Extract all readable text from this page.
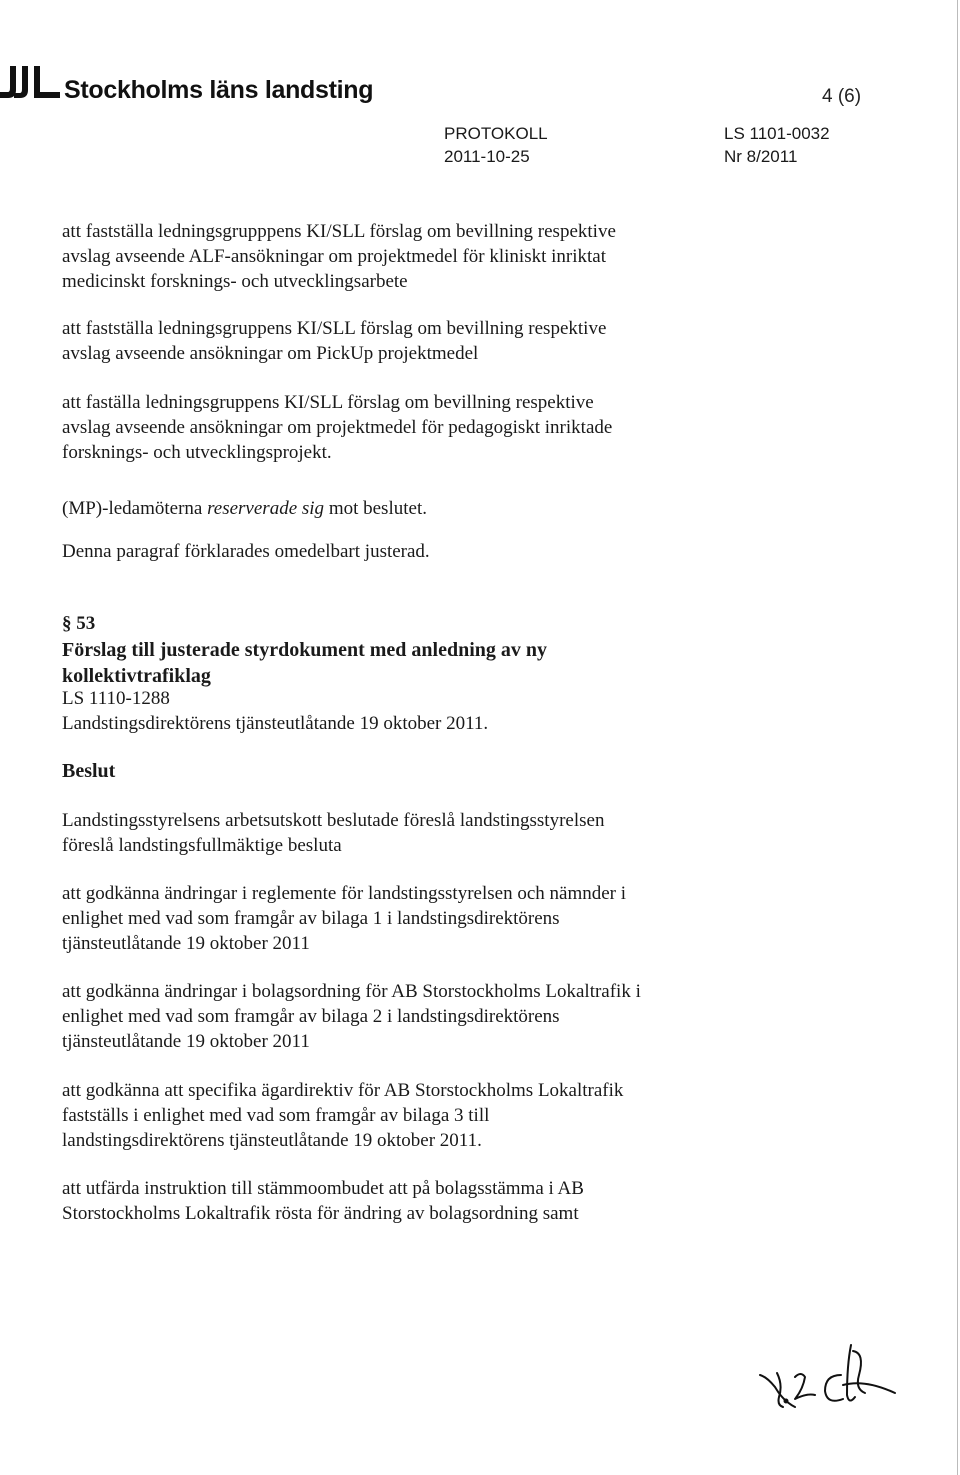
Stockholms läns landsting	4 (6)
PROTOKOLL
2011-10-25
LS 1101-0032
Nr 8/2011
att fastställa ledningsgrupppens KI/SLL förslag om bevillning respektive
avslag avseende ALF-ansökningar om projektmedel för kliniskt inriktat
medicinskt forsknings- och utvecklingsarbete
att fastställa ledningsgruppens KI/SLL förslag om bevillning respektive
avslag avseende ansökningar om PickUp projektmedel
att faställa ledningsgruppens KI/SLL förslag om bevillning respektive
avslag avseende ansökningar om projektmedel för pedagogiskt inriktade
forsknings- och utvecklingsprojekt.
(MP)-ledamöterna reserverade sig mot beslutet.
Denna paragraf förklarades omedelbart justerad.
§ 53
Förslag till justerade styrdokument med anledning av ny
kollektivtrafiklag
LS 1110-1288
Landstingsdirektörens tjänsteutlåtande 19 oktober 2011.
Beslut
Landstingsstyrelsens arbetsutskott beslutade föreslå landstingsstyrelsen
föreslå landstingsfullmäktige besluta
att godkänna ändringar i reglemente för landstingsstyrelsen och nämnder i
enlighet med vad som framgår av bilaga 1 i landstingsdirektörens
tjänsteutlåtande 19 oktober 2011
att godkänna ändringar i bolagsordning för AB Storstockholms Lokaltrafik i
enlighet med vad som framgår av bilaga 2 i landstingsdirektörens
tjänsteutlåtande 19 oktober 2011
att godkänna att specifika ägardirektiv för AB Storstockholms Lokaltrafik
fastställs i enlighet med vad som framgår av bilaga 3 till
landstingsdirektörens tjänsteutlåtande 19 oktober 2011.
att utfärda instruktion till stämmoombudet att på bolagsstämma i AB
Storstockholms Lokaltrafik rösta för ändring av bolagsordning samt
